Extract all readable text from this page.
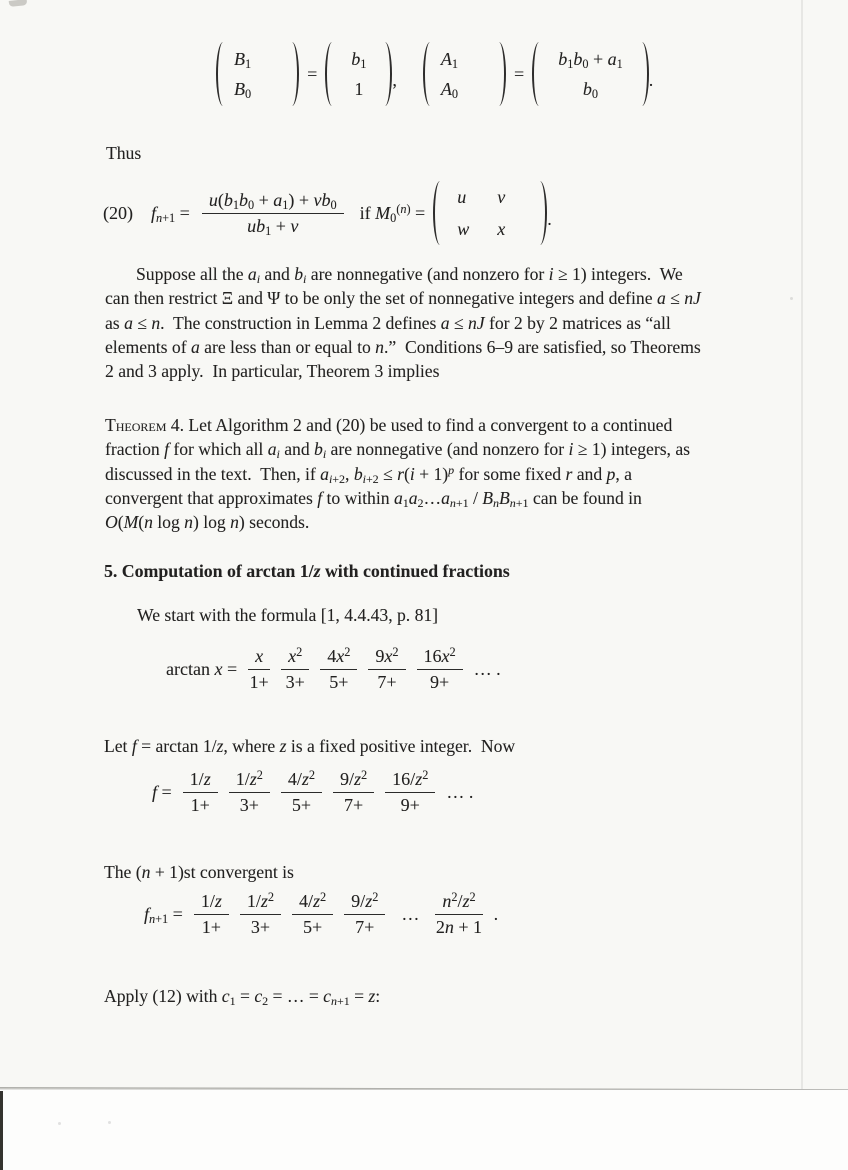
$B_1$
$B_0$
=
$b_1$
1 ,
$A_1$
$A_0$
=
$b_1b_0 + a_1$
$b_0$
.
Thus
(20) $f_{n+1} = \frac{u(b_1b_0 + a_1) + vb_0}{ub_1 + v}$ if $M_0^{(n)}$ =
u v
w x .
Suppose all the $a_i$ and $b_i$ are nonnegative (and nonzero for i ≥ 1) integers.  We
can then restrict Ξ and Ψ to be only the set of nonnegative integers and define a ≤ nJ
as a ≤ n.  The construction in Lemma 2 defines a ≤ nJ for 2 by 2 matrices as “all
elements of a are less than or equal to n.”  Conditions 6–9 are satisfied, so Theorems
2 and 3 apply.  In particular, Theorem 3 implies
Theorem 4. Let Algorithm 2 and (20) be used to find a convergent to a continued
fraction f for which all $a_i$ and $b_i$ are nonnegative (and nonzero for i ≥ 1) integers, as
discussed in the text.  Then, if $a_{i+2}$, $b_{i+2} \le r(i + 1)^p$ for some fixed r and p, a
convergent that approximates f to within $a_1a_2\dots a_{n+1} / B_nB_{n+1}$ can be found in
O(M(n log n) log n) seconds.
5. Computation of arctan 1/z with continued fractions
We start with the formula [1, 4.4.43, p. 81]
$\arctan x = \frac{x}{1+} \frac{x^2}{3+} \frac{4x^2}{5+} \frac{9x^2}{7+} \frac{16x^2}{9+}$ … .
Let f = arctan 1/z, where z is a fixed positive integer.  Now
$f = \frac{1/z}{1+} \frac{1/z^2}{3+} \frac{4/z^2}{5+} \frac{9/z^2}{7+} \frac{16/z^2}{9+}$ … .
The (n + 1)st convergent is
$f_{n+1} = \frac{1/z}{1+} \frac{1/z^2}{3+} \frac{4/z^2}{5+} \frac{9/z^2}{7+}$ … $\frac{n^2/z^2}{2n + 1}$ .
Apply (12) with $c_1 = c_2$ = … = $c_{n+1} = z$:
